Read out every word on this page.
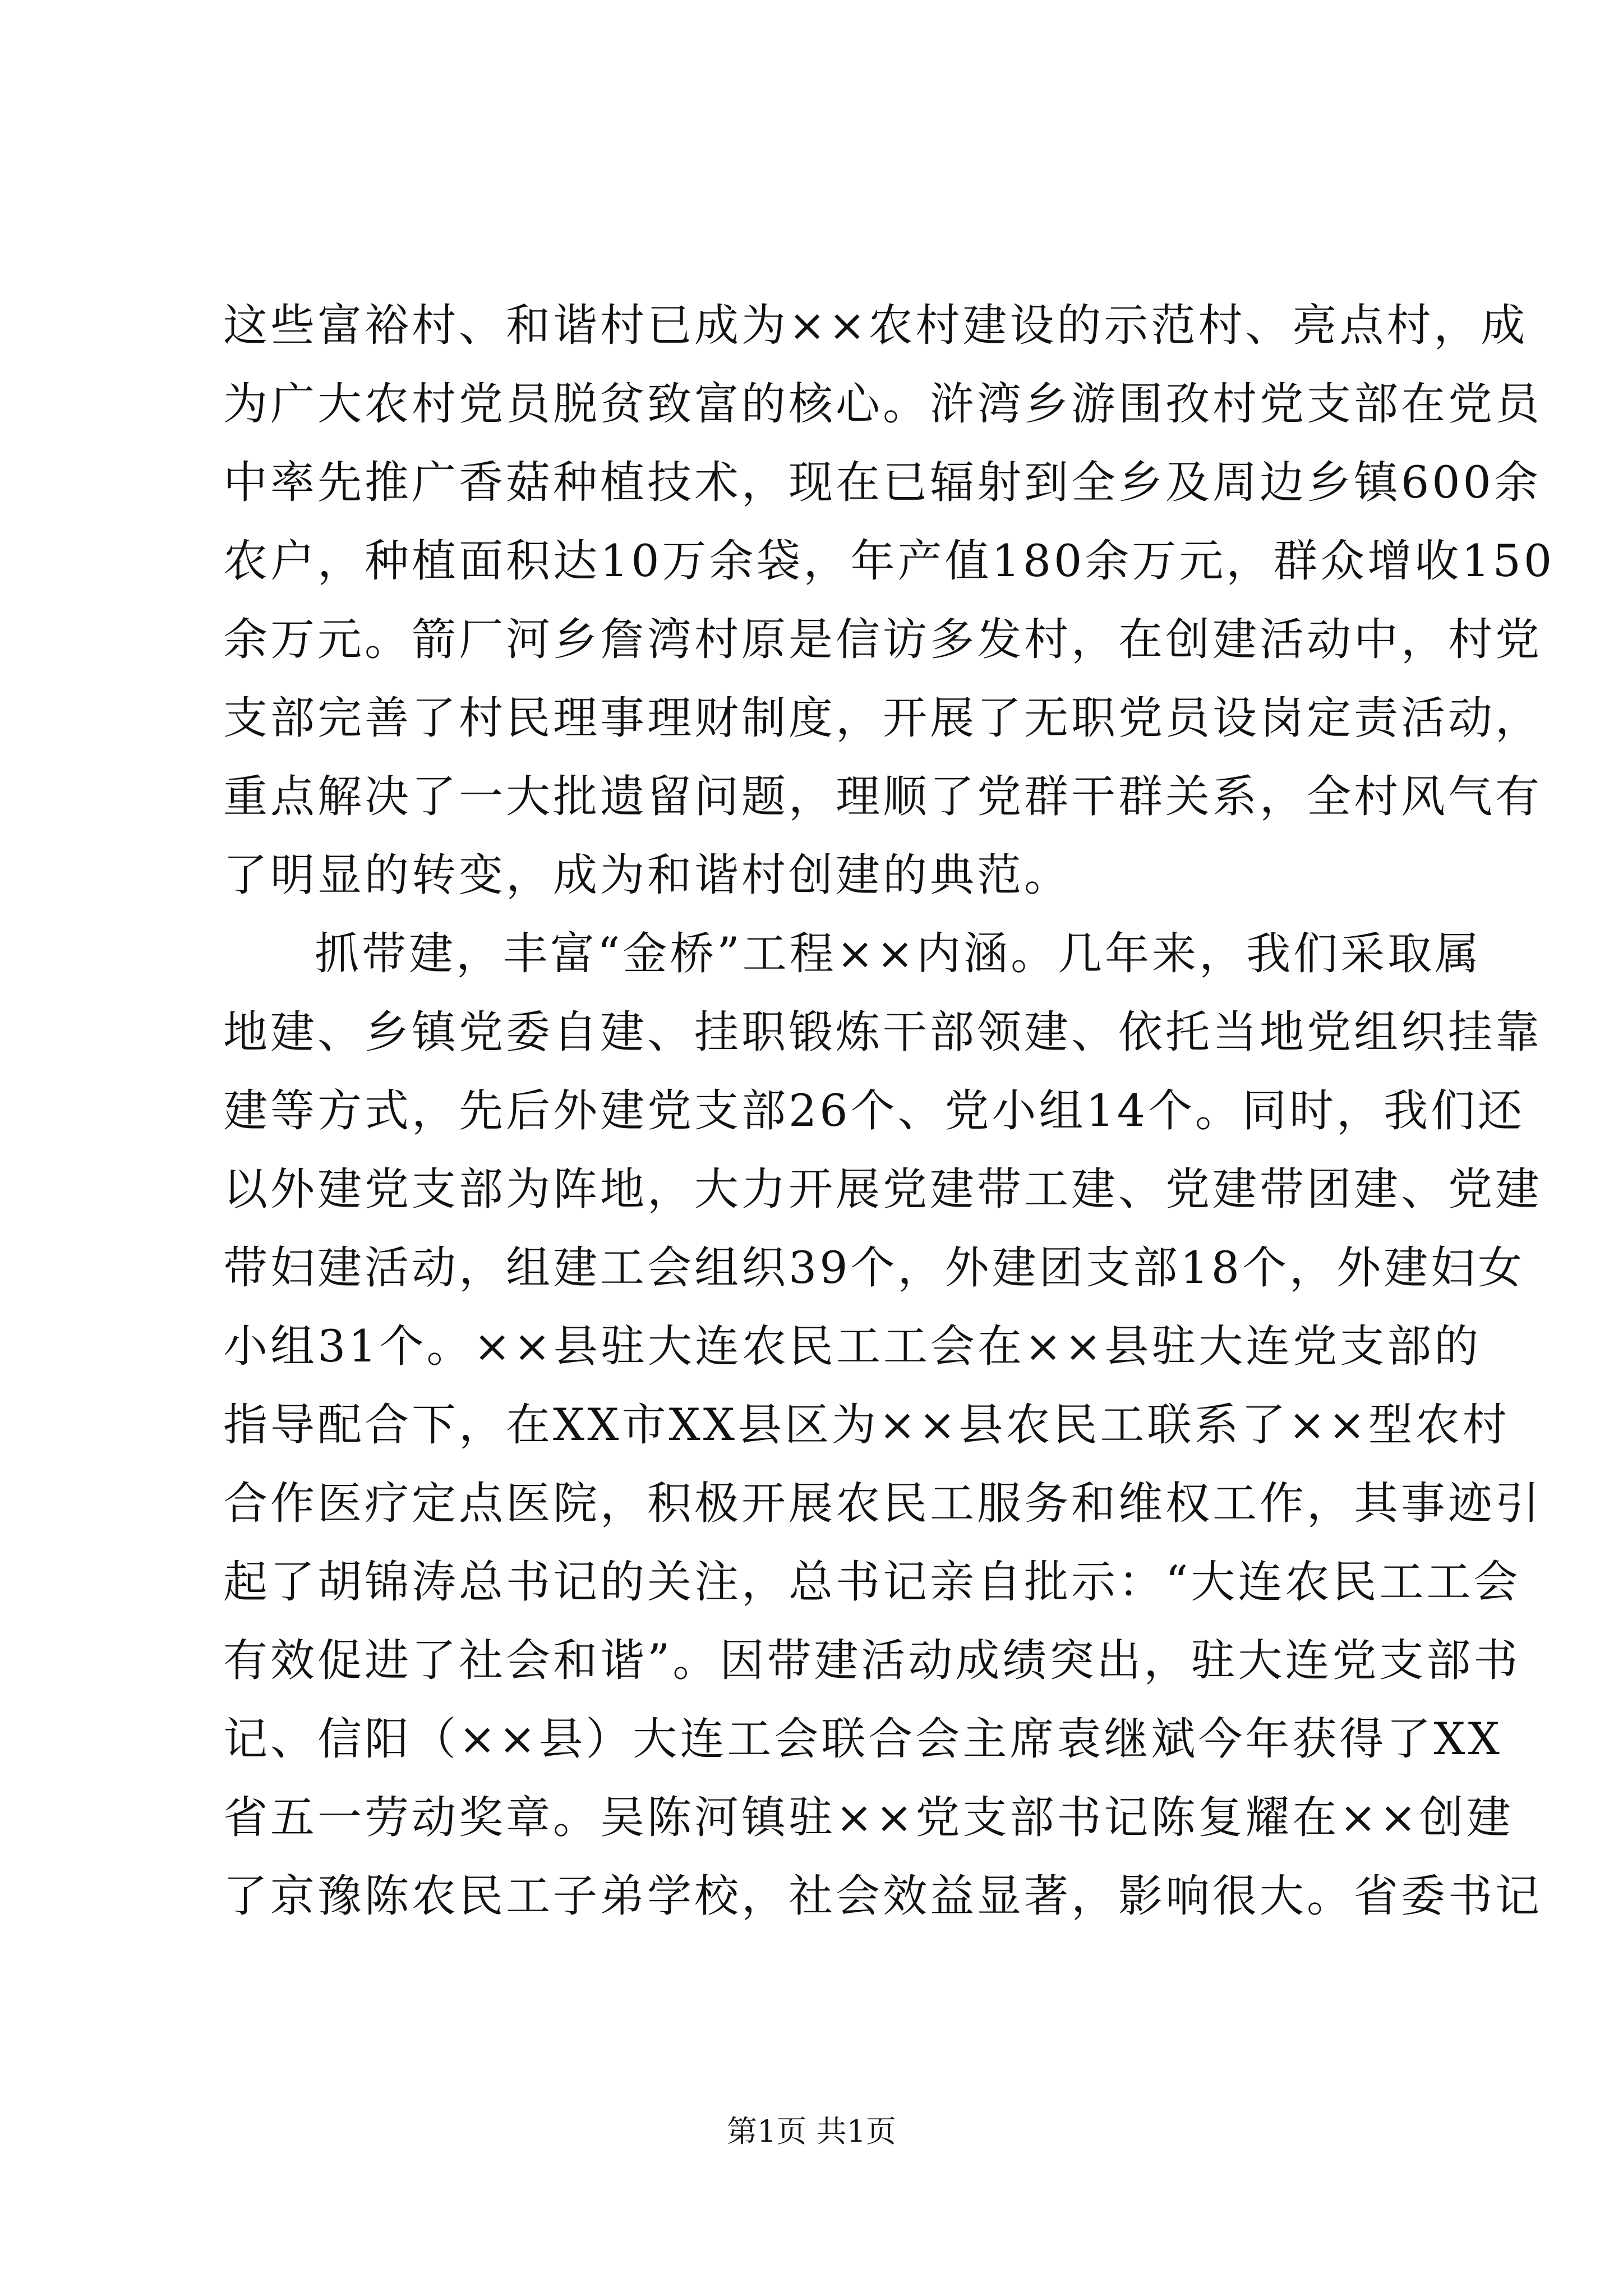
这些富裕村、和谐村已成为××农村建设的示范村、亮点村，成
为广大农村党员脱贫致富的核心。浒湾乡游围孜村党支部在党员
中率先推广香菇种植技术，现在已辐射到全乡及周边乡镇600余
农户，种植面积达10万余袋，年产值180余万元，群众增收150
余万元。箭厂河乡詹湾村原是信访多发村，在创建活动中，村党
支部完善了村民理事理财制度，开展了无职党员设岗定责活动，
重点解决了一大批遗留问题，理顺了党群干群关系，全村风气有
了明显的转变，成为和谐村创建的典范。

抓带建，丰富“金桥”工程××内涵。几年来，我们采取属
地建、乡镇党委自建、挂职锻炼干部领建、依托当地党组织挂靠
建等方式，先后外建党支部26个、党小组14个。同时，我们还
以外建党支部为阵地，大力开展党建带工建、党建带团建、党建
带妇建活动，组建工会组织39个，外建团支部18个，外建妇女
小组31个。××县驻大连农民工工会在××县驻大连党支部的
指导配合下，在XX市XX县区为××县农民工联系了××型农村
合作医疗定点医院，积极开展农民工服务和维权工作，其事迹引
起了胡锦涛总书记的关注，总书记亲自批示：“大连农民工工会
有效促进了社会和谐”。因带建活动成绩突出，驻大连党支部书
记、信阳（××县）大连工会联合会主席袁继斌今年获得了XX
省五一劳动奖章。吴陈河镇驻××党支部书记陈复耀在××创建
了京豫陈农民工子弟学校，社会效益显著，影响很大。省委书记

第1页 共1页
